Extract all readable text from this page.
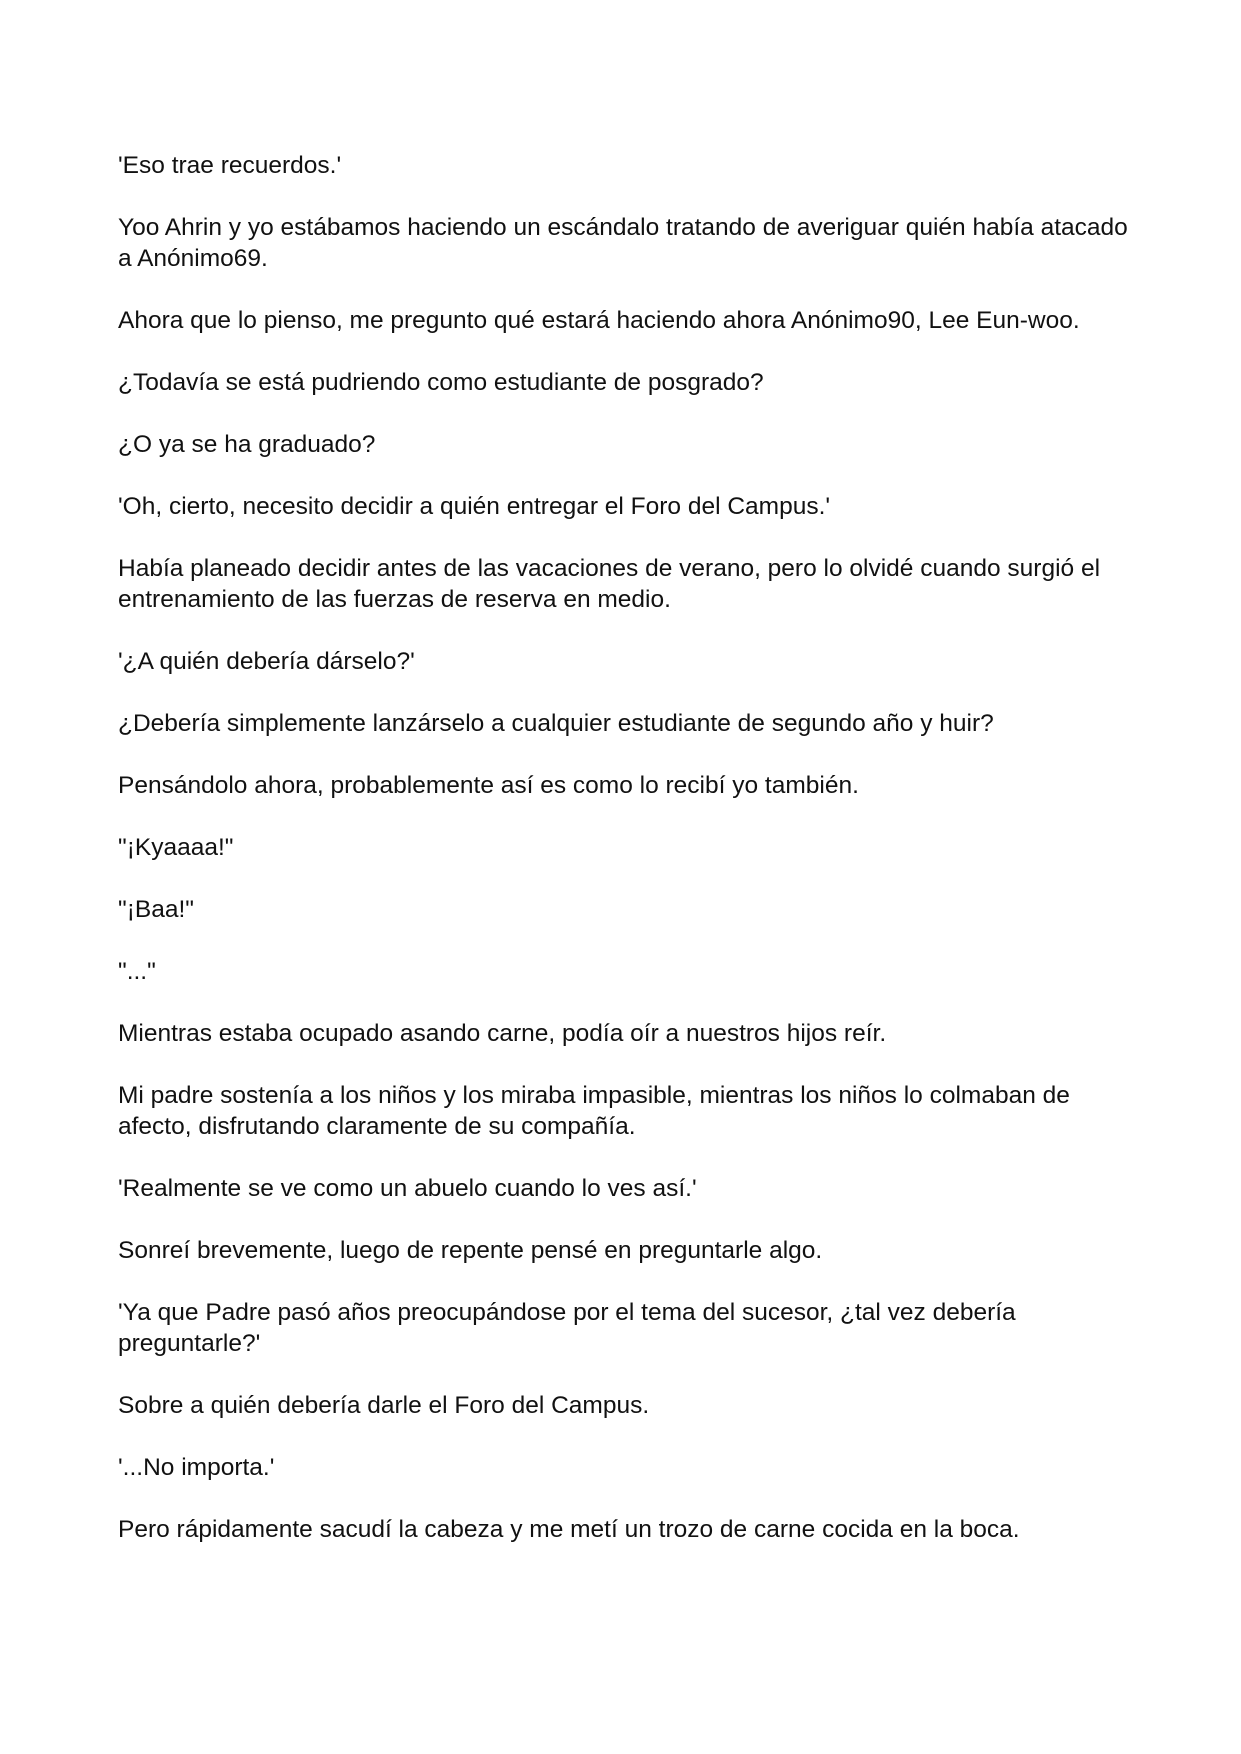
'Eso trae recuerdos.'

Yoo Ahrin y yo estábamos haciendo un escándalo tratando de averiguar quién había atacado a Anónimo69.

Ahora que lo pienso, me pregunto qué estará haciendo ahora Anónimo90, Lee Eun-woo.

¿Todavía se está pudriendo como estudiante de posgrado?

¿O ya se ha graduado?

'Oh, cierto, necesito decidir a quién entregar el Foro del Campus.'

Había planeado decidir antes de las vacaciones de verano, pero lo olvidé cuando surgió el entrenamiento de las fuerzas de reserva en medio.

'¿A quién debería dárselo?'

¿Debería simplemente lanzárselo a cualquier estudiante de segundo año y huir?

Pensándolo ahora, probablemente así es como lo recibí yo también.

"¡Kyaaaa!"

"¡Baa!"

"..."

Mientras estaba ocupado asando carne, podía oír a nuestros hijos reír.

Mi padre sostenía a los niños y los miraba impasible, mientras los niños lo colmaban de afecto, disfrutando claramente de su compañía.

'Realmente se ve como un abuelo cuando lo ves así.'

Sonreí brevemente, luego de repente pensé en preguntarle algo.

'Ya que Padre pasó años preocupándose por el tema del sucesor, ¿tal vez debería preguntarle?'

Sobre a quién debería darle el Foro del Campus.

'...No importa.'

Pero rápidamente sacudí la cabeza y me metí un trozo de carne cocida en la boca.
